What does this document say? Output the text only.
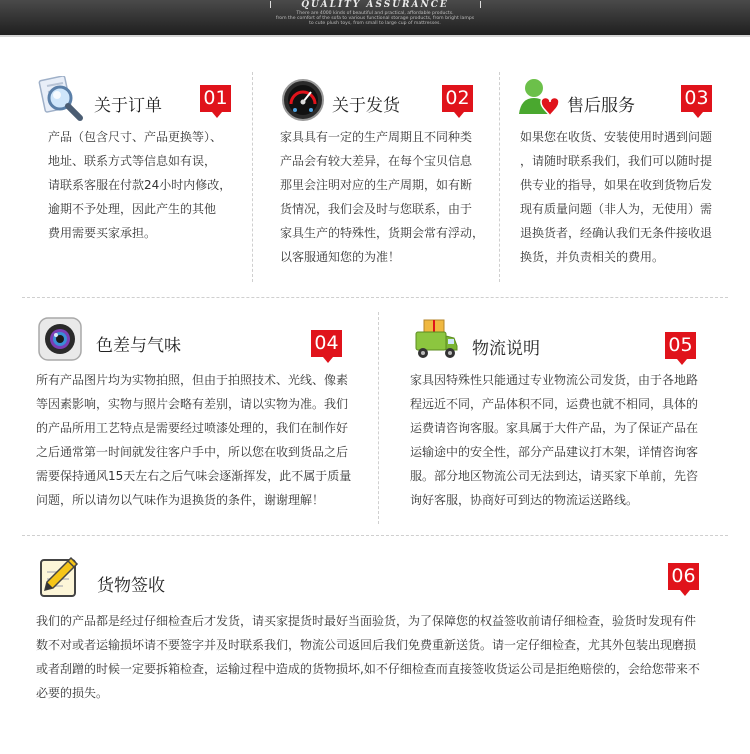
QUALITY ASSURANCE
There are 4000 kinds of beautiful and practical, affordable products.
from the comfort of the sofa to various functional storage products, from bright lamps
to cute plush toys, from small to large cup of mattresses.
关于订单 01
产品（包含尺寸、产品更换等）、
地址、联系方式等信息如有误，
请联系客服在付款24小时内修改，
逾期不予处理，因此产生的其他
费用需要买家承担。
关于发货 02
家具具有一定的生产周期且不同种类
产品会有较大差异，在每个宝贝信息
那里会注明对应的生产周期，如有断
货情况，我们会及时与您联系，由于
家具生产的特殊性，货期会常有浮动，
以客服通知您的为准！
售后服务	03
如果您在收货、安装使用时遇到问题
，请随时联系我们，我们可以随时提
供专业的指导，如果在收到货物后发
现有质量问题（非人为，无使用）需
退换货者，经确认我们无条件接收退
换货，并负责相关的费用。
色差与气味	04
所有产品图片均为实物拍照，但由于拍照技术、光线、像素
等因素影响，实物与照片会略有差别，请以实物为准。我们
的产品所用工艺特点是需要经过喷漆处理的，我们在制作好
之后通常第一时间就发往客户手中，所以您在收到货品之后
需要保持通风15天左右之后气味会逐渐挥发，此不属于质量
问题，所以请勿以气味作为退换货的条件，谢谢理解！
物流说明	05
家具因特殊性只能通过专业物流公司发货，由于各地路
程远近不同，产品体积不同，运费也就不相同，具体的
运费请咨询客服。家具属于大件产品，为了保证产品在
运输途中的安全性，部分产品建议打木架，详情咨询客
服。部分地区物流公司无法到达，请买家下单前，先咨
询好客服，协商好可到达的物流运送路线。
货物签收	06
我们的产品都是经过仔细检查后才发货，请买家提货时最好当面验货，为了保障您的权益签收前请仔细检查，验货时发现有件
数不对或者运输损坏请不要签字并及时联系我们，物流公司返回后我们免费重新送货。请一定仔细检查，尤其外包装出现磨损
或者刮蹭的时候一定要拆箱检查，运输过程中造成的货物损坏,如不仔细检查而直接签收货运公司是拒绝赔偿的，会给您带来不
必要的损失。
